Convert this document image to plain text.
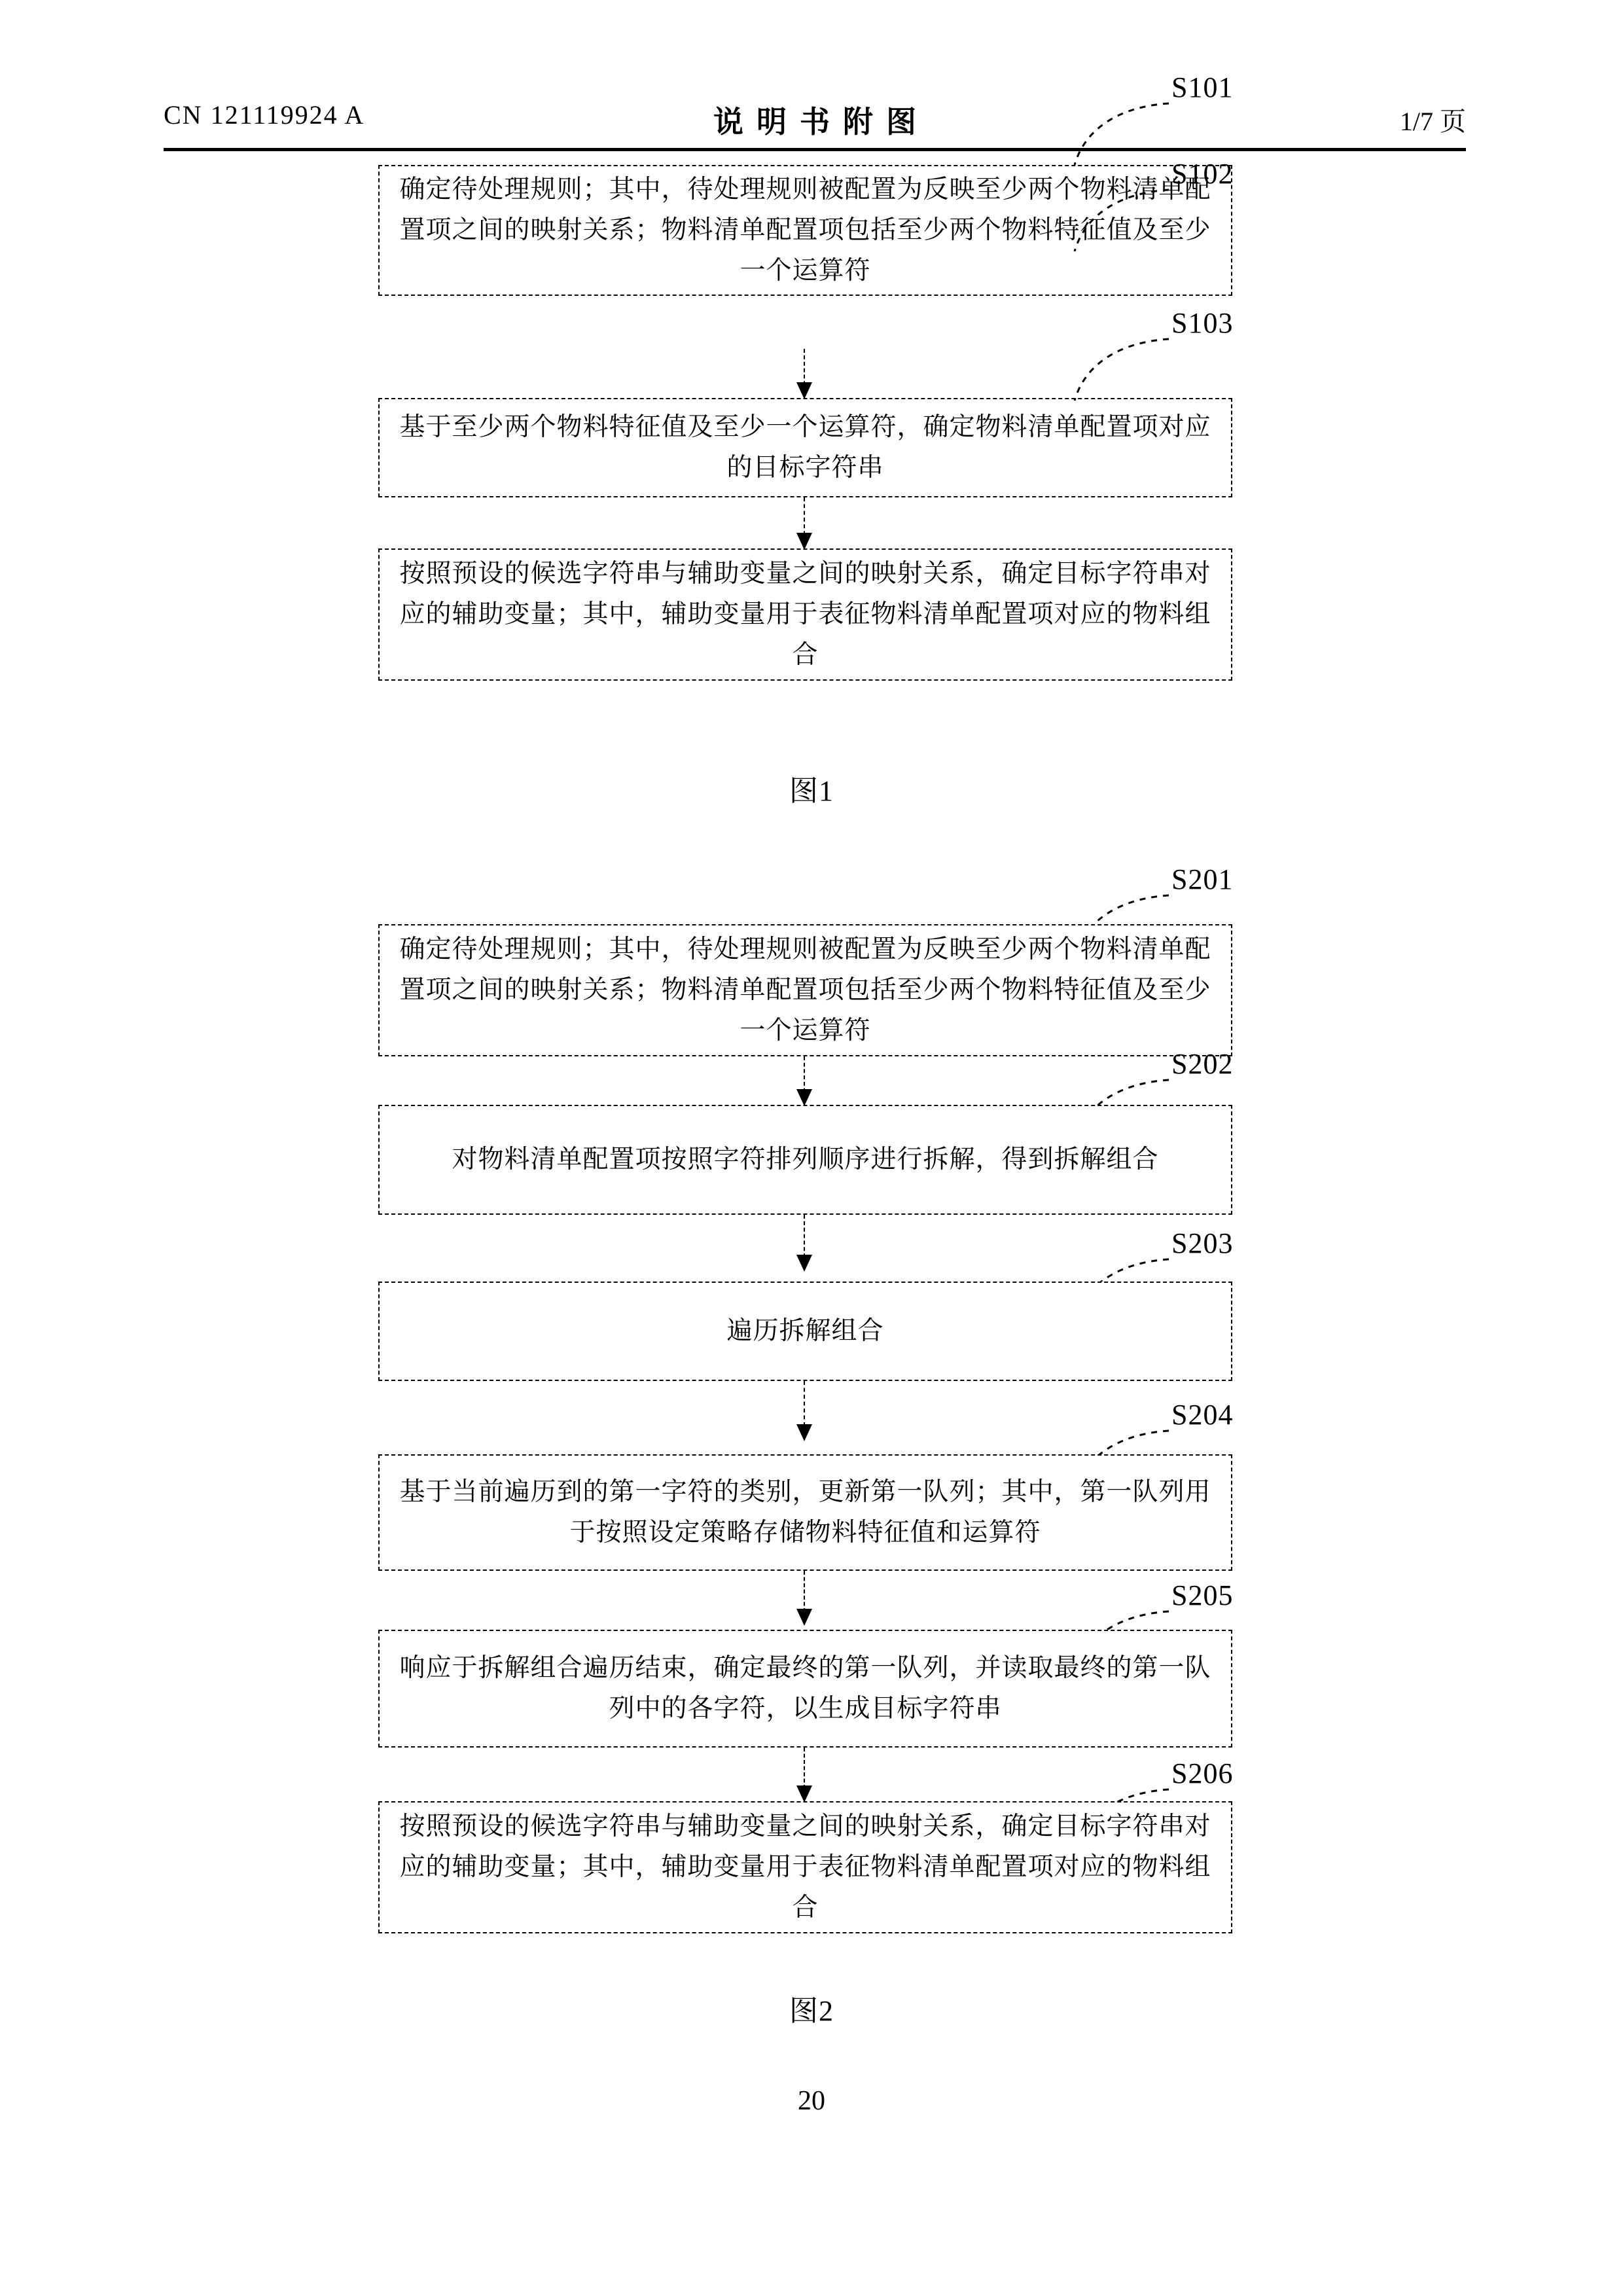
CN 121119924 A	说明书附图	1/7 页
S101
确定待处理规则；其中，待处理规则被配置为反映至少两个物料清单配置项之间的映射关系；物料清单配置项包括至少两个物料特征值及至少一个运算符
S102
基于至少两个物料特征值及至少一个运算符，确定物料清单配置项对应的目标字符串
S103
按照预设的候选字符串与辅助变量之间的映射关系，确定目标字符串对应的辅助变量；其中，辅助变量用于表征物料清单配置项对应的物料组合
图1
S201
确定待处理规则；其中，待处理规则被配置为反映至少两个物料清单配置项之间的映射关系；物料清单配置项包括至少两个物料特征值及至少一个运算符
S202
对物料清单配置项按照字符排列顺序进行拆解，得到拆解组合
S203
遍历拆解组合
S204
基于当前遍历到的第一字符的类别，更新第一队列；其中，第一队列用于按照设定策略存储物料特征值和运算符
S205
响应于拆解组合遍历结束，确定最终的第一队列，并读取最终的第一队列中的各字符，以生成目标字符串
S206
按照预设的候选字符串与辅助变量之间的映射关系，确定目标字符串对应的辅助变量；其中，辅助变量用于表征物料清单配置项对应的物料组合
图2
20
